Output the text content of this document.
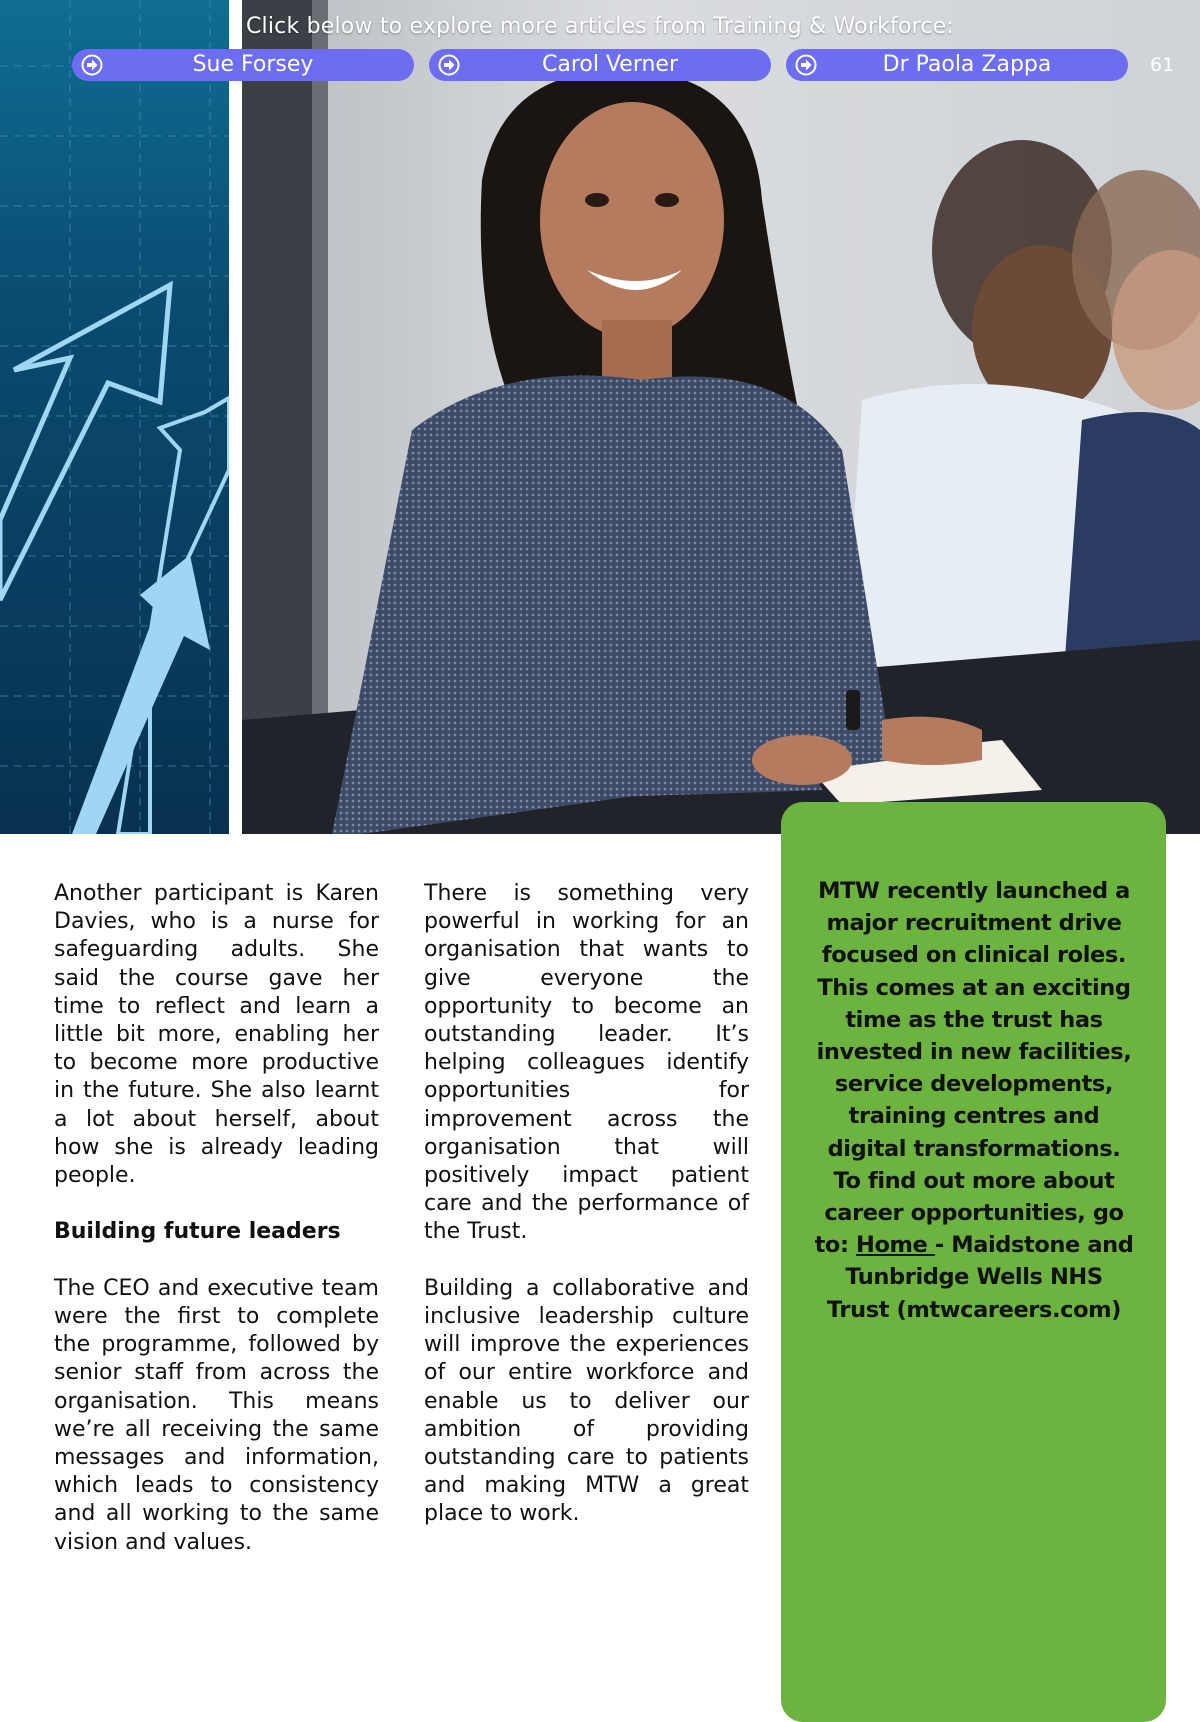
Click below to explore more articles from Training & Workforce:
Sue Forsey	Carol Verner	Dr Paola Zappa	61
MTW recently launched a major recruitment drive focused on clinical roles. This comes at an exciting time as the trust has invested in new facilities, service developments, training centres and digital transformations. To find out more about career opportunities, go to: Home - Maidstone and Tunbridge Wells NHS Trust (mtwcareers.com)

Another participant is Karen Davies, who is a nurse for safeguarding adults. She said the course gave her time to reflect and learn a little bit more, enabling her to become more productive in the future. She also learnt a lot about herself, about how she is already leading people.

Building future leaders

The CEO and executive team were the first to complete the programme, followed by senior staff from across the organisation. This means we’re all receiving the same messages and information, which leads to consistency and all working to the same vision and values.

There is something very powerful in working for an organisation that wants to give everyone the opportunity to become an outstanding leader. It’s helping colleagues identify opportunities for improvement across the organisation that will positively impact patient care and the performance of the Trust.

Building a collaborative and inclusive leadership culture will improve the experiences of our entire workforce and enable us to deliver our ambition of providing outstanding care to patients and making MTW a great place to work.
